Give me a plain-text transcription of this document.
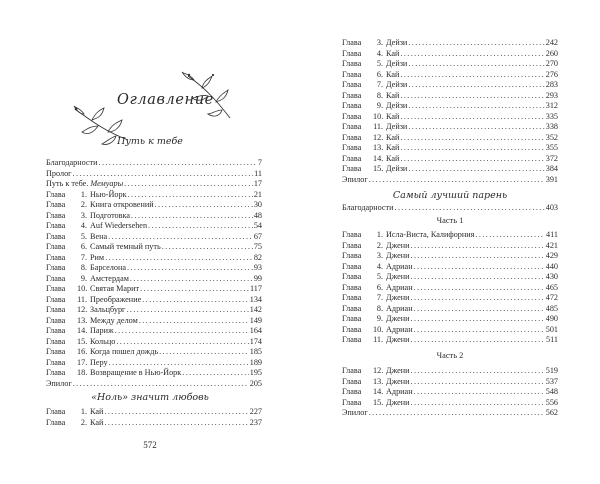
Оглавление
Путь к тебе
Благодарности .....	7
Пролог .....	11
Путь к тебе. Мемуары .....	17
Глава 1. Нью-Йорк .....	21
Глава 2. Книга откровений .....	30
Глава 3. Подготовка .....	48
Глава 4. Auf Wiedersehen .....	54
Глава 5. Вена .....	67
Глава 6. Самый темный путь .....	75
Глава 7. Рим .....	82
Глава 8. Барселона .....	93
Глава 9. Амстердам .....	99
Глава 10. Святая Марит .....	117
Глава 11. Преображение .....	134
Глава 12. Зальцбург .....	142
Глава 13. Между делом .....	149
Глава 14. Париж .....	164
Глава 15. Кольцо .....	174
Глава 16. Когда пошел дождь .....	185
Глава 17. Перу .....	189
Глава 18. Возвращение в Нью-Йорк .....	195
Эпилог .....	205
«Ноль» значит любовь
Глава 1. Кай .....	227
Глава 2. Кай .....	237
572
Глава 3. Дейзи .....	242
Глава 4. Кай .....	260
Глава 5. Дейзи .....	270
Глава 6. Кай .....	276
Глава 7. Дейзи .....	283
Глава 8. Кай .....	293
Глава 9. Дейзи .....	312
Глава 10. Кай .....	335
Глава 11. Дейзи .....	338
Глава 12. Кай .....	352
Глава 13. Кай .....	355
Глава 14. Кай .....	372
Глава 15. Дейзи .....	384
Эпилог .....	391
Самый лучший парень
Благодарности .....	403
Часть 1
Глава 1. Исла-Виста, Калифорния .....	411
Глава 2. Джени .....	421
Глава 3. Джени .....	429
Глава 4. Адриан .....	440
Глава 5. Джени .....	430
Глава 6. Адриан .....	465
Глава 7. Джени .....	472
Глава 8. Адриан .....	485
Глава 9. Джени .....	490
Глава 10. Адриан .....	501
Глава 11. Джени .....	511
Часть 2
Глава 12. Джени .....	519
Глава 13. Джени .....	537
Глава 14. Адриан .....	548
Глава 15. Джени .....	556
Эпилог .....	562
